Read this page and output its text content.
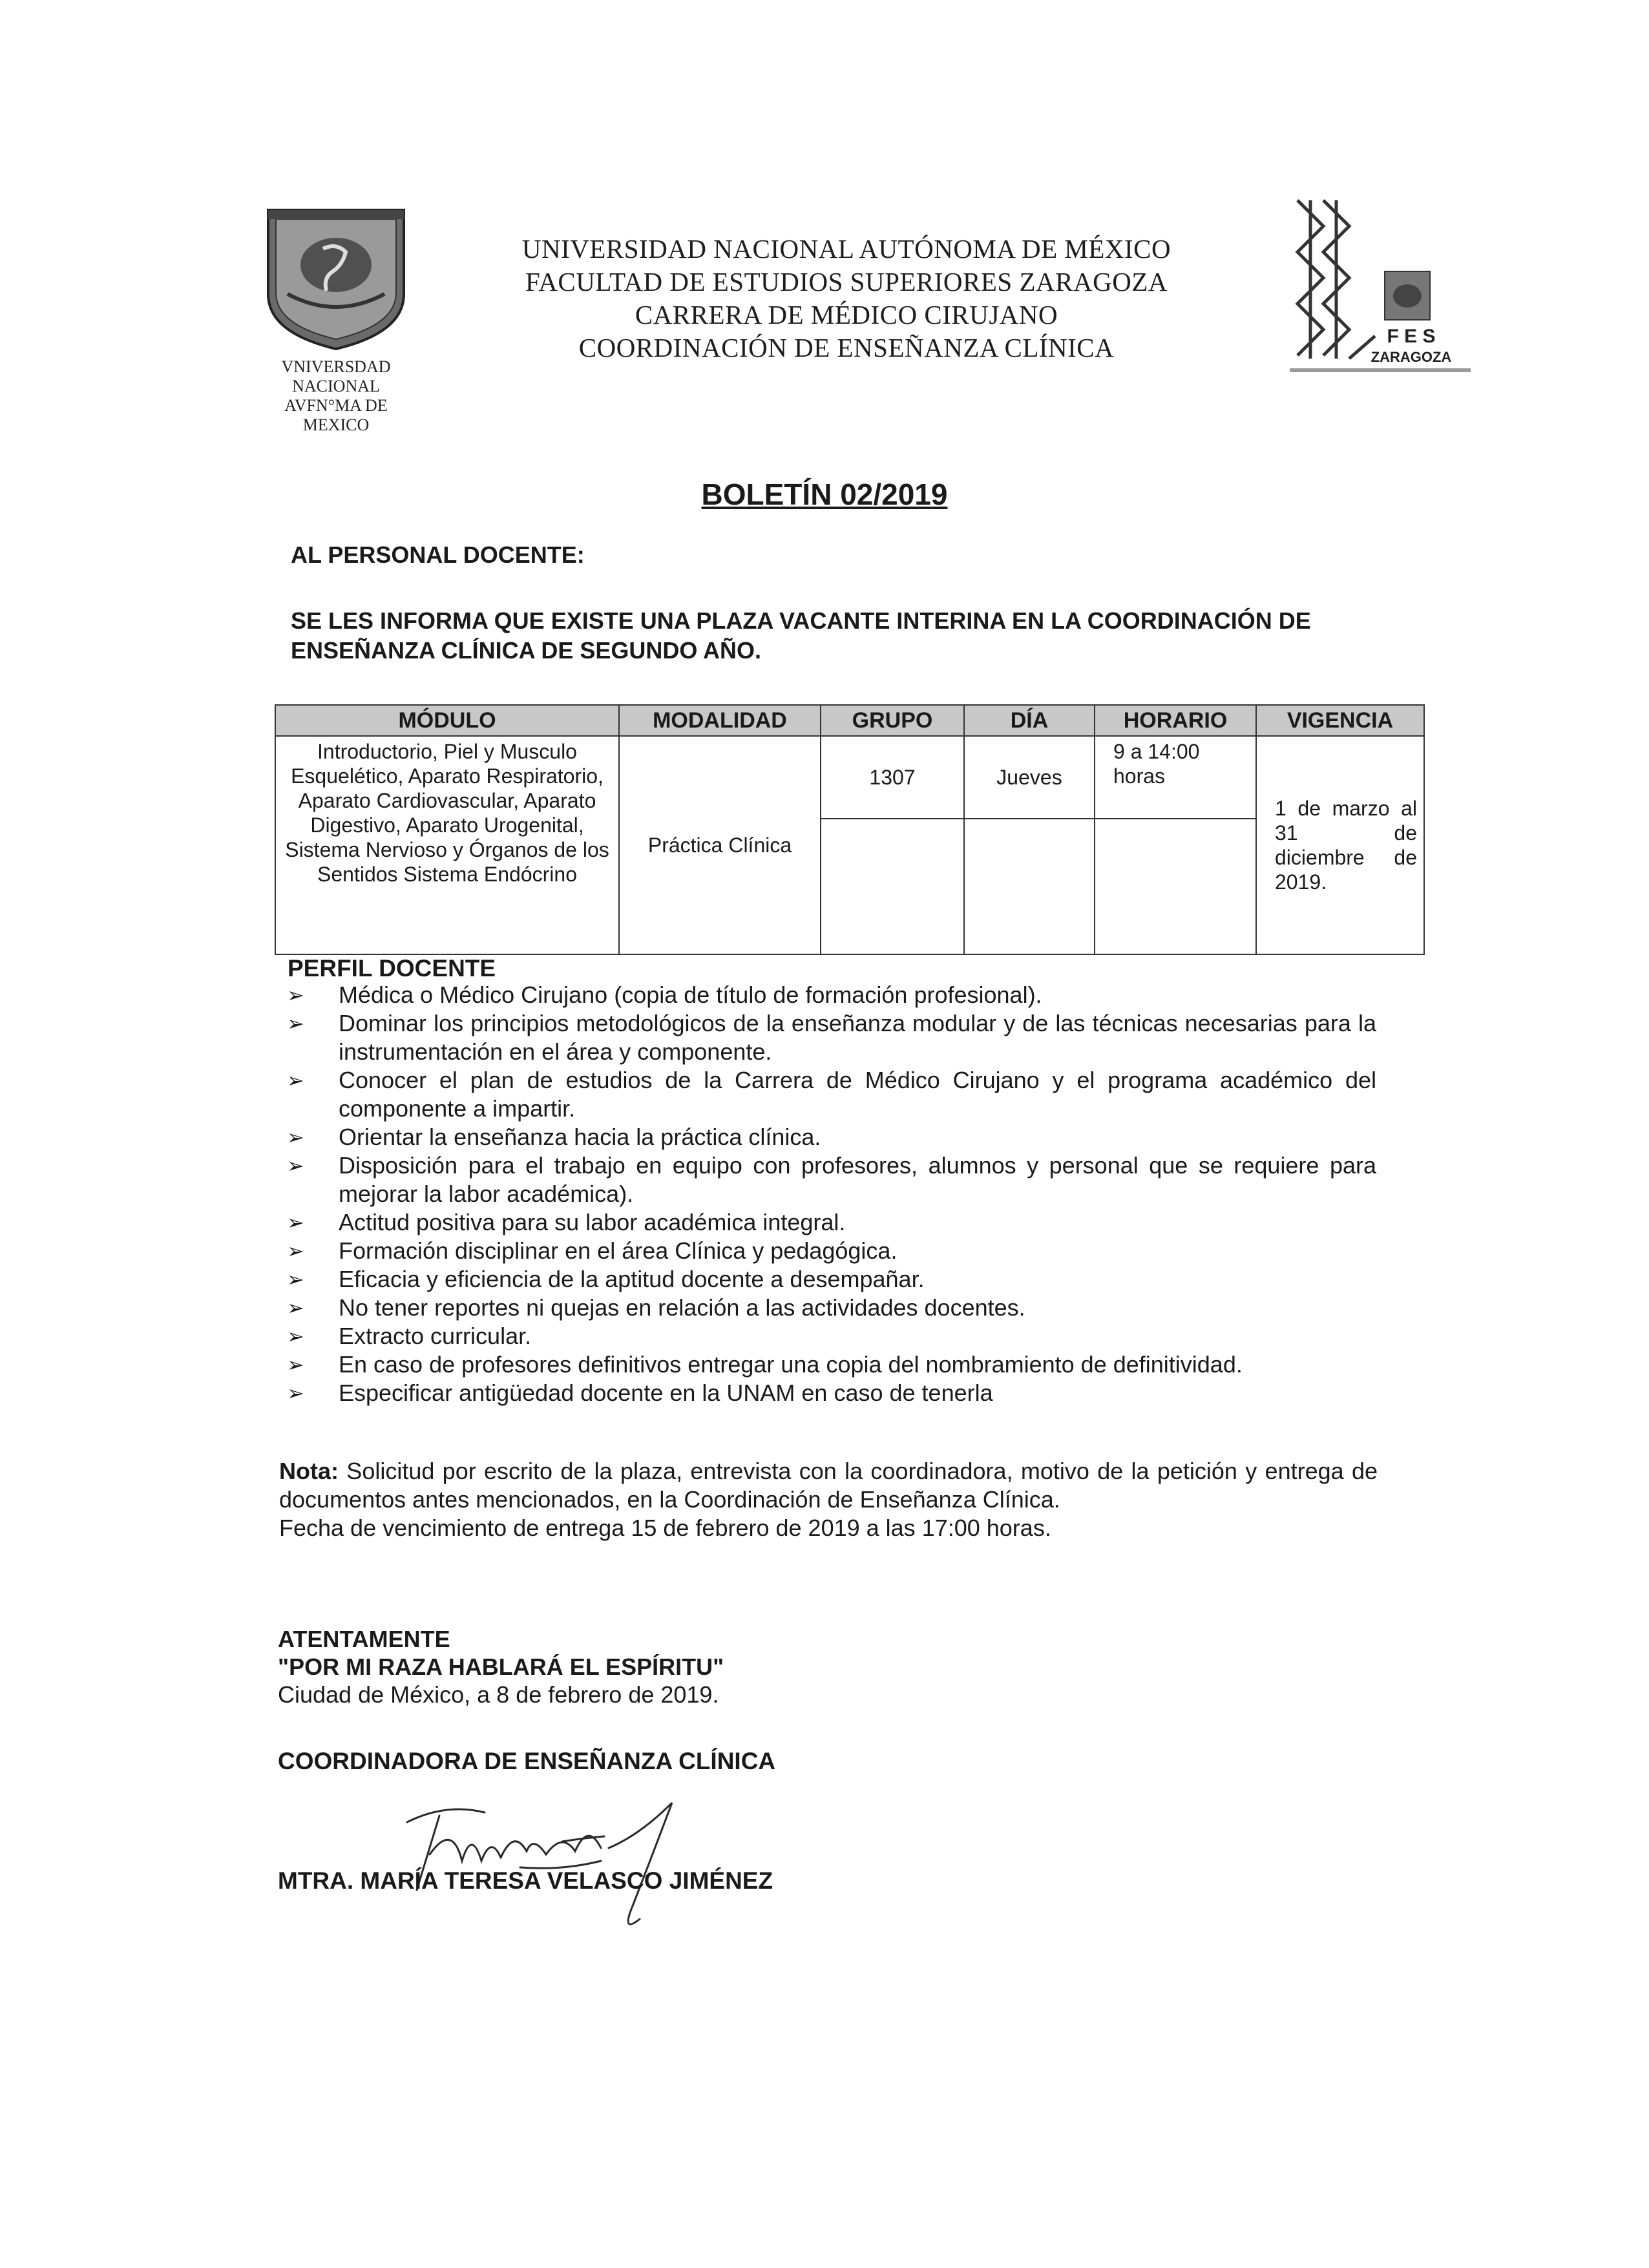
VNIVERSDAD NACIONAL
AVFN°MA DE
MEXICO
UNIVERSIDAD NACIONAL AUTÓNOMA DE MÉXICO
FACULTAD DE ESTUDIOS SUPERIORES ZARAGOZA
CARRERA DE MÉDICO CIRUJANO
COORDINACIÓN DE ENSEÑANZA CLÍNICA	F E S
ZARAGOZA
BOLETÍN 02/2019
AL PERSONAL DOCENTE:
SE LES INFORMA QUE EXISTE UNA PLAZA VACANTE INTERINA EN LA COORDINACIÓN DE ENSEÑANZA CLÍNICA DE SEGUNDO AÑO.
MÓDULO	MODALIDAD	GRUPO	DÍA	HORARIO	VIGENCIA
Introductorio, Piel y Musculo Esquelético, Aparato Respiratorio, Aparato Cardiovascular, Aparato Digestivo, Aparato Urogenital, Sistema Nervioso y Órganos de los Sentidos Sistema Endócrino	Práctica Clínica	1307	Jueves	9 a 14:00 horas	1 de marzo al 31 de diciembre de 2019.

PERFIL DOCENTE
➢ Médica o Médico Cirujano (copia de título de formación profesional).
➢ Dominar los principios metodológicos de la enseñanza modular y de las técnicas necesarias para la instrumentación en el área y componente.
➢ Conocer el plan de estudios de la Carrera de Médico Cirujano y el programa académico del componente a impartir.
➢ Orientar la enseñanza hacia la práctica clínica.
➢ Disposición para el trabajo en equipo con profesores, alumnos y personal que se requiere para mejorar la labor académica).
➢ Actitud positiva para su labor académica integral.
➢ Formación disciplinar en el área Clínica y pedagógica.
➢ Eficacia y eficiencia de la aptitud docente a desempañar.
➢ No tener reportes ni quejas en relación a las actividades docentes.
➢ Extracto curricular.
➢ En caso de profesores definitivos entregar una copia del nombramiento de definitividad.
➢ Especificar antigüedad docente en la UNAM en caso de tenerla
Nota: Solicitud por escrito de la plaza, entrevista con la coordinadora, motivo de la petición y entrega de documentos antes mencionados, en la Coordinación de Enseñanza Clínica.
Fecha de vencimiento de entrega 15 de febrero de 2019 a las 17:00 horas.
ATENTAMENTE
"POR MI RAZA HABLARÁ EL ESPÍRITU"
Ciudad de México, a 8 de febrero de 2019.
COORDINADORA DE ENSEÑANZA CLÍNICA
MTRA. MARÍA TERESA VELASCO JIMÉNEZ
